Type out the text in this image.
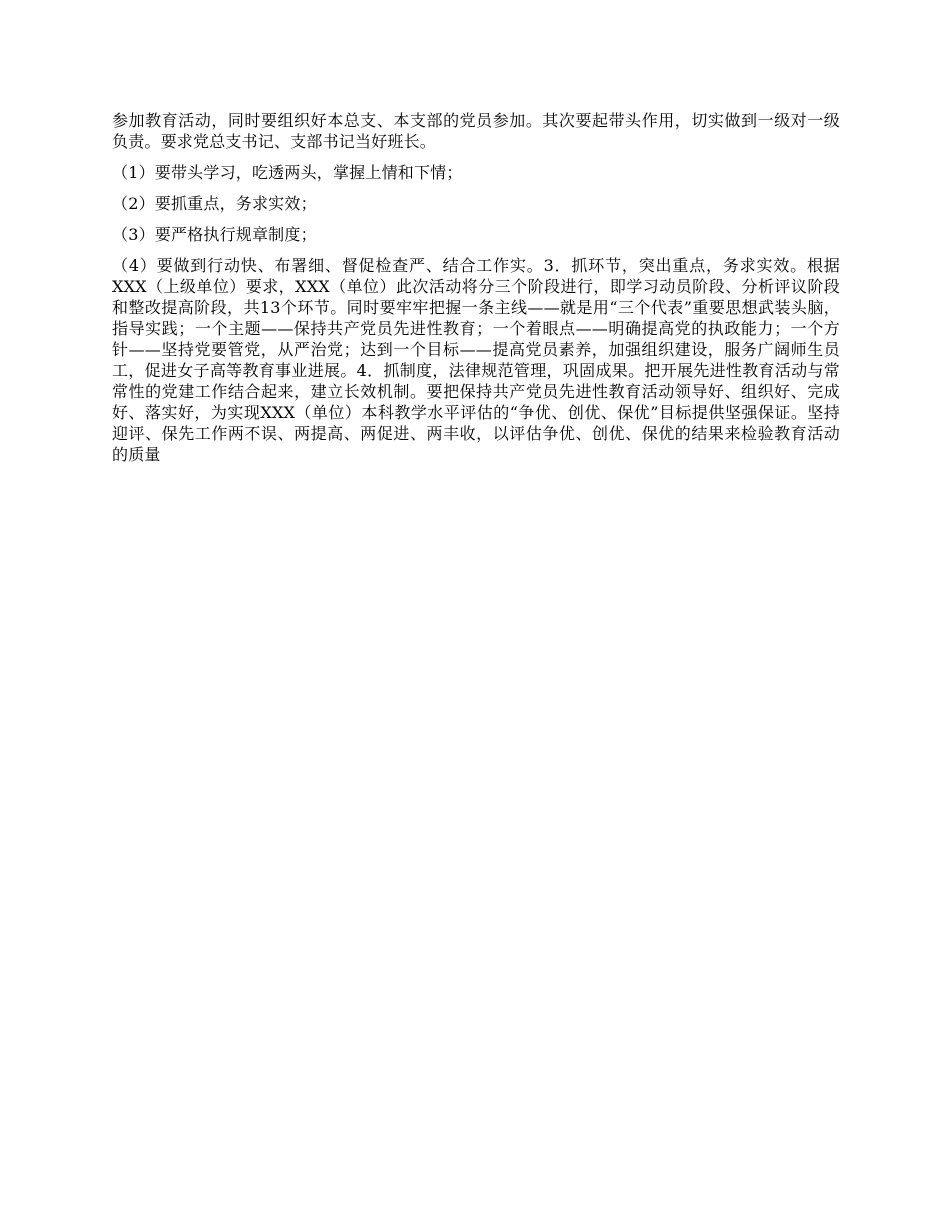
参加教育活动，同时要组织好本总支、本支部的党员参加。其次要起带头作用，切实做到一级对一级负责。要求党总支书记、支部书记当好班长。

（1）要带头学习，吃透两头，掌握上情和下情；

（2）要抓重点，务求实效；

（3）要严格执行规章制度；

（4）要做到行动快、布署细、督促检查严、结合工作实。3．抓环节，突出重点，务求实效。根据XXX（上级单位）要求，XXX（单位）此次活动将分三个阶段进行，即学习动员阶段、分析评议阶段和整改提高阶段，共13个环节。同时要牢牢把握一条主线——就是用“三个代表”重要思想武装头脑，指导实践；一个主题——保持共产党员先进性教育；一个着眼点——明确提高党的执政能力；一个方针——坚持党要管党，从严治党；达到一个目标——提高党员素养，加强组织建设，服务广阔师生员工，促进女子高等教育事业进展。4．抓制度，法律规范管理，巩固成果。把开展先进性教育活动与常常性的党建工作结合起来，建立长效机制。要把保持共产党员先进性教育活动领导好、组织好、完成好、落实好，为实现XXX（单位）本科教学水平评估的“争优、创优、保优”目标提供坚强保证。坚持迎评、保先工作两不误、两提高、两促进、两丰收，以评估争优、创优、保优的结果来检验教育活动的质量
